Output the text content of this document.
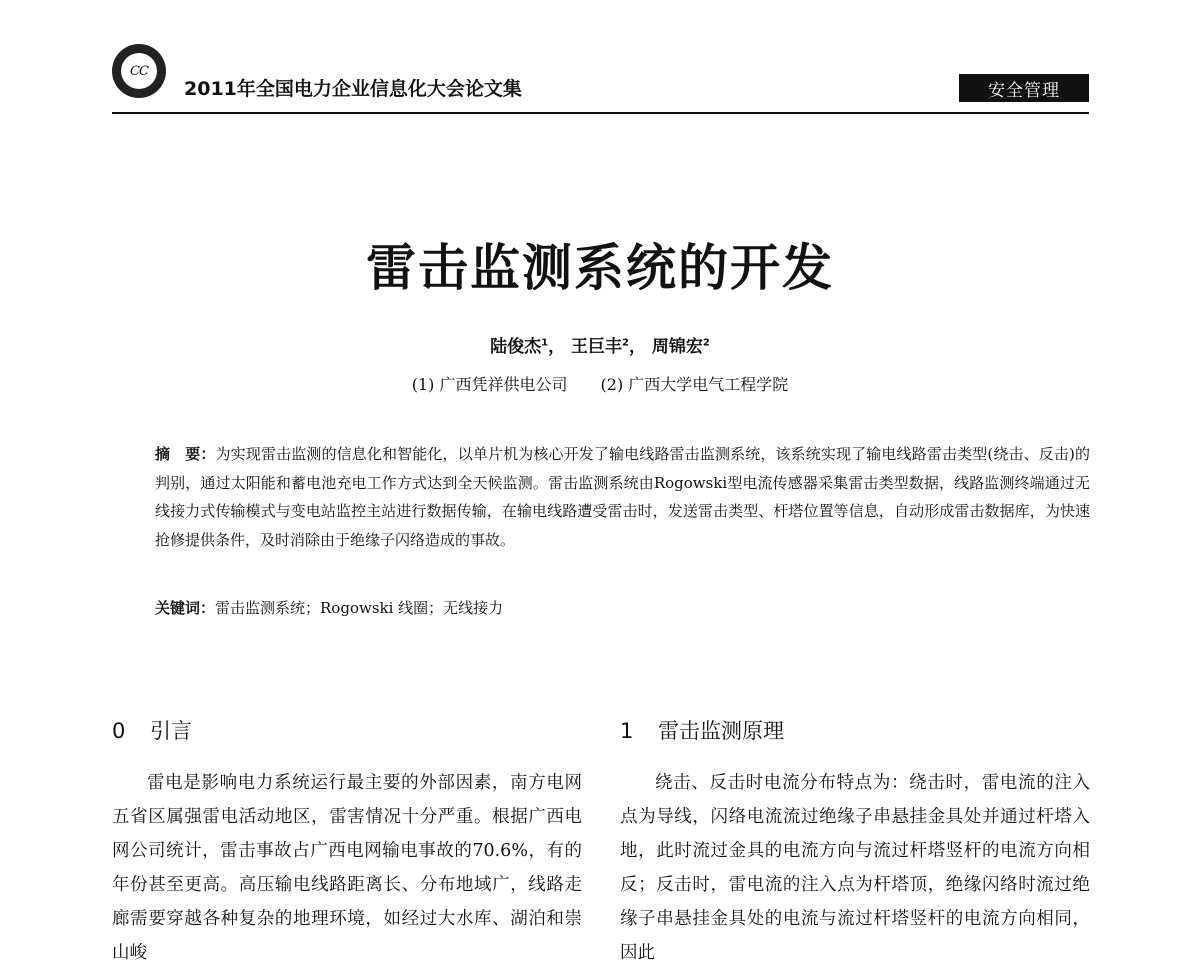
CC
2011年全国电力企业信息化大会论文集	安全管理
雷击监测系统的开发
陆俊杰$^1$， 王巨丰$^2$， 周锦宏$^2$
(1) 广西凭祥供电公司 (2) 广西大学电气工程学院
摘　要：为实现雷击监测的信息化和智能化，以单片机为核心开发了输电线路雷击监测系统，该系统实现了输电线路雷击类型(绕击、反击)的判别，通过太阳能和蓄电池充电工作方式达到全天候监测。雷击监测系统由Rogowski型电流传感器采集雷击类型数据，线路监测终端通过无线接力式传输模式与变电站监控主站进行数据传输，在输电线路遭受雷击时，发送雷击类型、杆塔位置等信息，自动形成雷击数据库，为快速抢修提供条件，及时消除由于绝缘子闪络造成的事故。
关键词：雷击监测系统；Rogowski 线圈；无线接力
0 引言

雷电是影响电力系统运行最主要的外部因素，南方电网五省区属强雷电活动地区，雷害情况十分严重。根据广西电网公司统计，雷击事故占广西电网输电事故的70.6%，有的年份甚至更高。高压输电线路距离长、分布地域广，线路走廊需要穿越各种复杂的地理环境，如经过大水库、湖泊和崇山峻

1 雷击监测原理

绕击、反击时电流分布特点为：绕击时，雷电流的注入点为导线，闪络电流流过绝缘子串悬挂金具处并通过杆塔入地，此时流过金具的电流方向与流过杆塔竖杆的电流方向相反；反击时，雷电流的注入点为杆塔顶，绝缘闪络时流过绝缘子串悬挂金具处的电流与流过杆塔竖杆的电流方向相同，因此
